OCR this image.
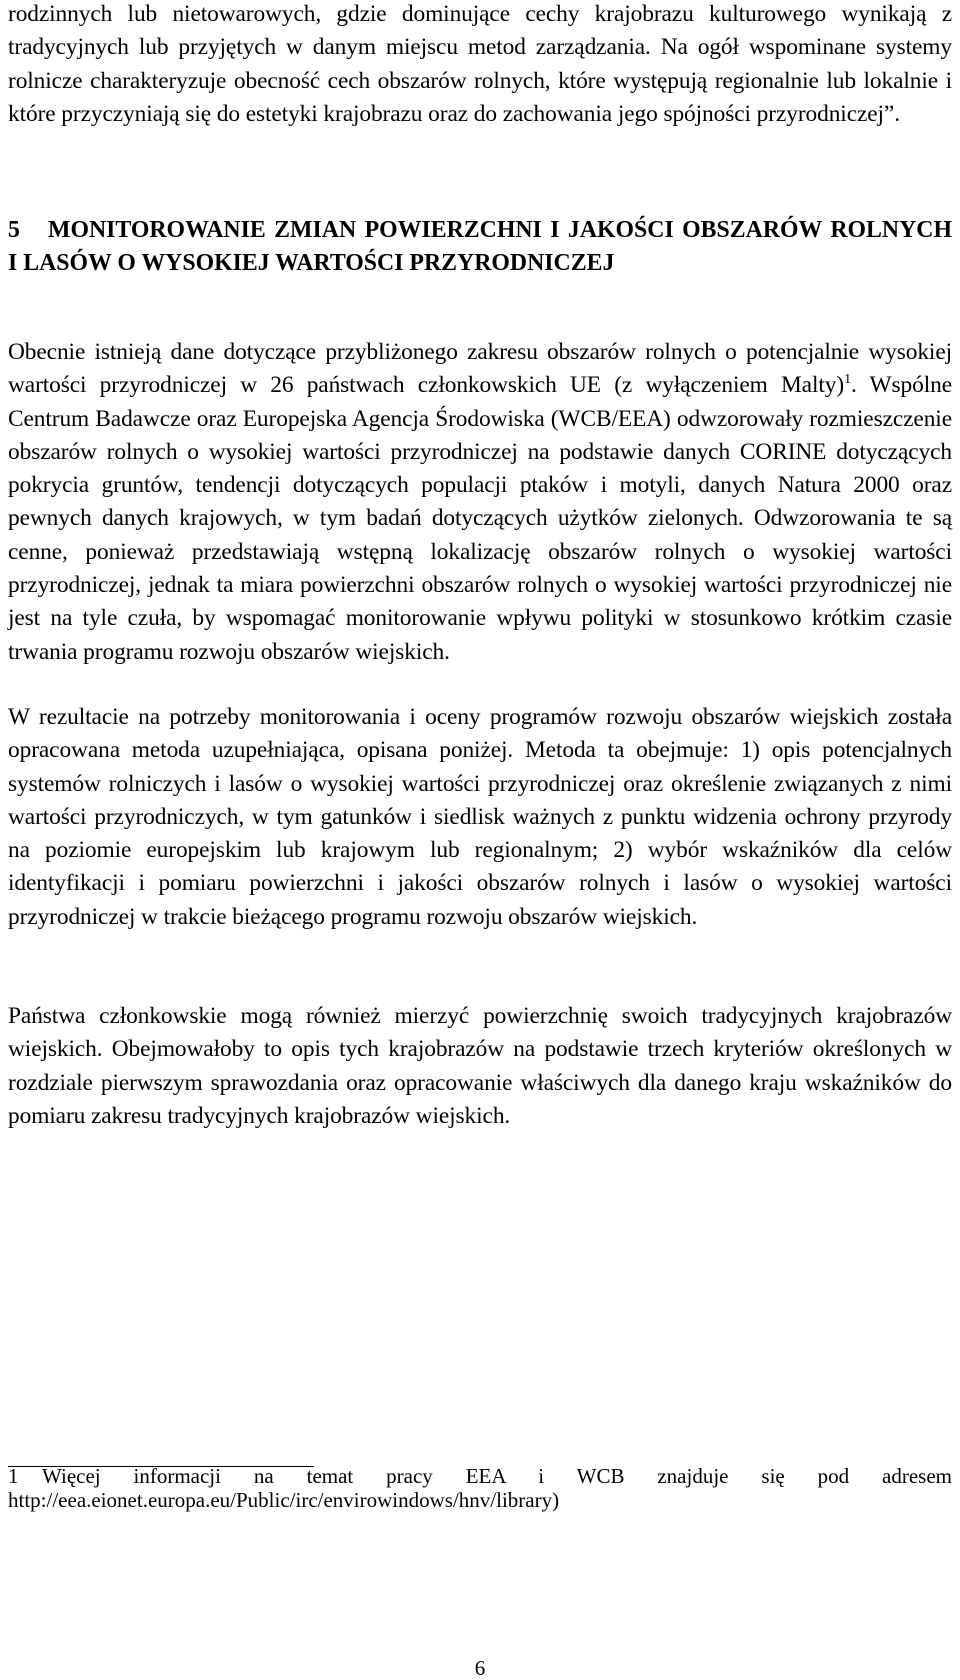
rodzinnych lub nietowarowych, gdzie dominujące cechy krajobrazu kulturowego wynikają z tradycyjnych lub przyjętych w danym miejscu metod zarządzania. Na ogół wspominane systemy rolnicze charakteryzuje obecność cech obszarów rolnych, które występują regionalnie lub lokalnie i które przyczyniają się do estetyki krajobrazu oraz do zachowania jego spójności przyrodniczej”.

5 MONITOROWANIE ZMIAN POWIERZCHNI I JAKOŚCI OBSZARÓW ROLNYCH I LASÓW O WYSOKIEJ WARTOŚCI PRZYRODNICZEJ

Obecnie istnieją dane dotyczące przybliżonego zakresu obszarów rolnych o potencjalnie wysokiej wartości przyrodniczej w 26 państwach członkowskich UE (z wyłączeniem Malty)$^1$. Wspólne Centrum Badawcze oraz Europejska Agencja Środowiska (WCB/EEA) odwzorowały rozmieszczenie obszarów rolnych o wysokiej wartości przyrodniczej na podstawie danych CORINE dotyczących pokrycia gruntów, tendencji dotyczących populacji ptaków i motyli, danych Natura 2000 oraz pewnych danych krajowych, w tym badań dotyczących użytków zielonych. Odwzorowania te są cenne, ponieważ przedstawiają wstępną lokalizację obszarów rolnych o wysokiej wartości przyrodniczej, jednak ta miara powierzchni obszarów rolnych o wysokiej wartości przyrodniczej nie jest na tyle czuła, by wspomagać monitorowanie wpływu polityki w stosunkowo krótkim czasie trwania programu rozwoju obszarów wiejskich.

W rezultacie na potrzeby monitorowania i oceny programów rozwoju obszarów wiejskich została opracowana metoda uzupełniająca, opisana poniżej. Metoda ta obejmuje: 1) opis potencjalnych systemów rolniczych i lasów o wysokiej wartości przyrodniczej oraz określenie związanych z nimi wartości przyrodniczych, w tym gatunków i siedlisk ważnych z punktu widzenia ochrony przyrody na poziomie europejskim lub krajowym lub regionalnym; 2) wybór wskaźników dla celów identyfikacji i pomiaru powierzchni i jakości obszarów rolnych i lasów o wysokiej wartości przyrodniczej w trakcie bieżącego programu rozwoju obszarów wiejskich.

Państwa członkowskie mogą również mierzyć powierzchnię swoich tradycyjnych krajobrazów wiejskich. Obejmowałoby to opis tych krajobrazów na podstawie trzech kryteriów określonych w rozdziale pierwszym sprawozdania oraz opracowanie właściwych dla danego kraju wskaźników do pomiaru zakresu tradycyjnych krajobrazów wiejskich.

1 Więcej informacji na temat pracy EEA i WCB znajduje się pod adresem http://eea.eionet.europa.eu/Public/irc/envirowindows/hnv/library)

6
